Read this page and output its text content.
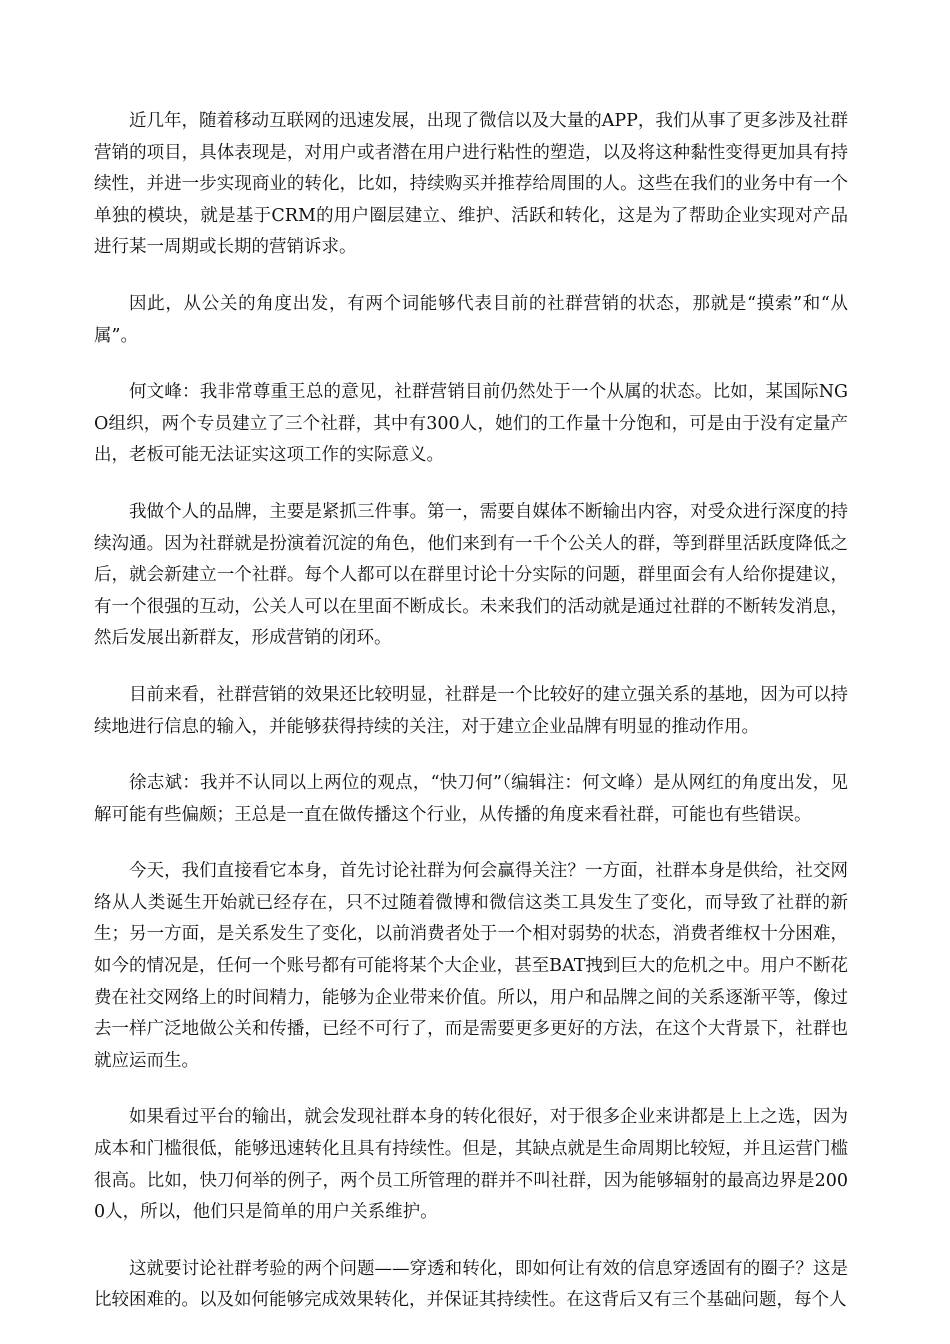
近几年，随着移动互联网的迅速发展，出现了微信以及大量的APP，我们从事了更多涉及社群营销的项目，具体表现是，对用户或者潜在用户进行粘性的塑造，以及将这种黏性变得更加具有持续性，并进一步实现商业的转化，比如，持续购买并推荐给周围的人。这些在我们的业务中有一个单独的模块，就是基于CRM的用户圈层建立、维护、活跃和转化，这是为了帮助企业实现对产品进行某一周期或长期的营销诉求。

因此，从公关的角度出发，有两个词能够代表目前的社群营销的状态，那就是“摸索”和“从属”。

何文峰：我非常尊重王总的意见，社群营销目前仍然处于一个从属的状态。比如，某国际NGO组织，两个专员建立了三个社群，其中有300人，她们的工作量十分饱和，可是由于没有定量产出，老板可能无法证实这项工作的实际意义。

我做个人的品牌，主要是紧抓三件事。第一，需要自媒体不断输出内容，对受众进行深度的持续沟通。因为社群就是扮演着沉淀的角色，他们来到有一千个公关人的群，等到群里活跃度降低之后，就会新建立一个社群。每个人都可以在群里讨论十分实际的问题，群里面会有人给你提建议，有一个很强的互动，公关人可以在里面不断成长。未来我们的活动就是通过社群的不断转发消息，然后发展出新群友，形成营销的闭环。

目前来看，社群营销的效果还比较明显，社群是一个比较好的建立强关系的基地，因为可以持续地进行信息的输入，并能够获得持续的关注，对于建立企业品牌有明显的推动作用。

徐志斌：我并不认同以上两位的观点，“快刀何”（编辑注：何文峰）是从网红的角度出发，见解可能有些偏颇；王总是一直在做传播这个行业，从传播的角度来看社群，可能也有些错误。

今天，我们直接看它本身，首先讨论社群为何会赢得关注？一方面，社群本身是供给，社交网络从人类诞生开始就已经存在，只不过随着微博和微信这类工具发生了变化，而导致了社群的新生；另一方面，是关系发生了变化，以前消费者处于一个相对弱势的状态，消费者维权十分困难，如今的情况是，任何一个账号都有可能将某个大企业，甚至BAT拽到巨大的危机之中。用户不断花费在社交网络上的时间精力，能够为企业带来价值。所以，用户和品牌之间的关系逐渐平等，像过去一样广泛地做公关和传播，已经不可行了，而是需要更多更好的方法，在这个大背景下，社群也就应运而生。

如果看过平台的输出，就会发现社群本身的转化很好，对于很多企业来讲都是上上之选，因为成本和门槛很低，能够迅速转化且具有持续性。但是，其缺点就是生命周期比较短，并且运营门槛很高。比如，快刀何举的例子，两个员工所管理的群并不叫社群，因为能够辐射的最高边界是2000人，所以，他们只是简单的用户关系维护。

这就要讨论社群考验的两个问题——穿透和转化，即如何让有效的信息穿透固有的圈子？这是比较困难的。以及如何能够完成效果转化，并保证其持续性。在这背后又有三个基础问题，每个人
